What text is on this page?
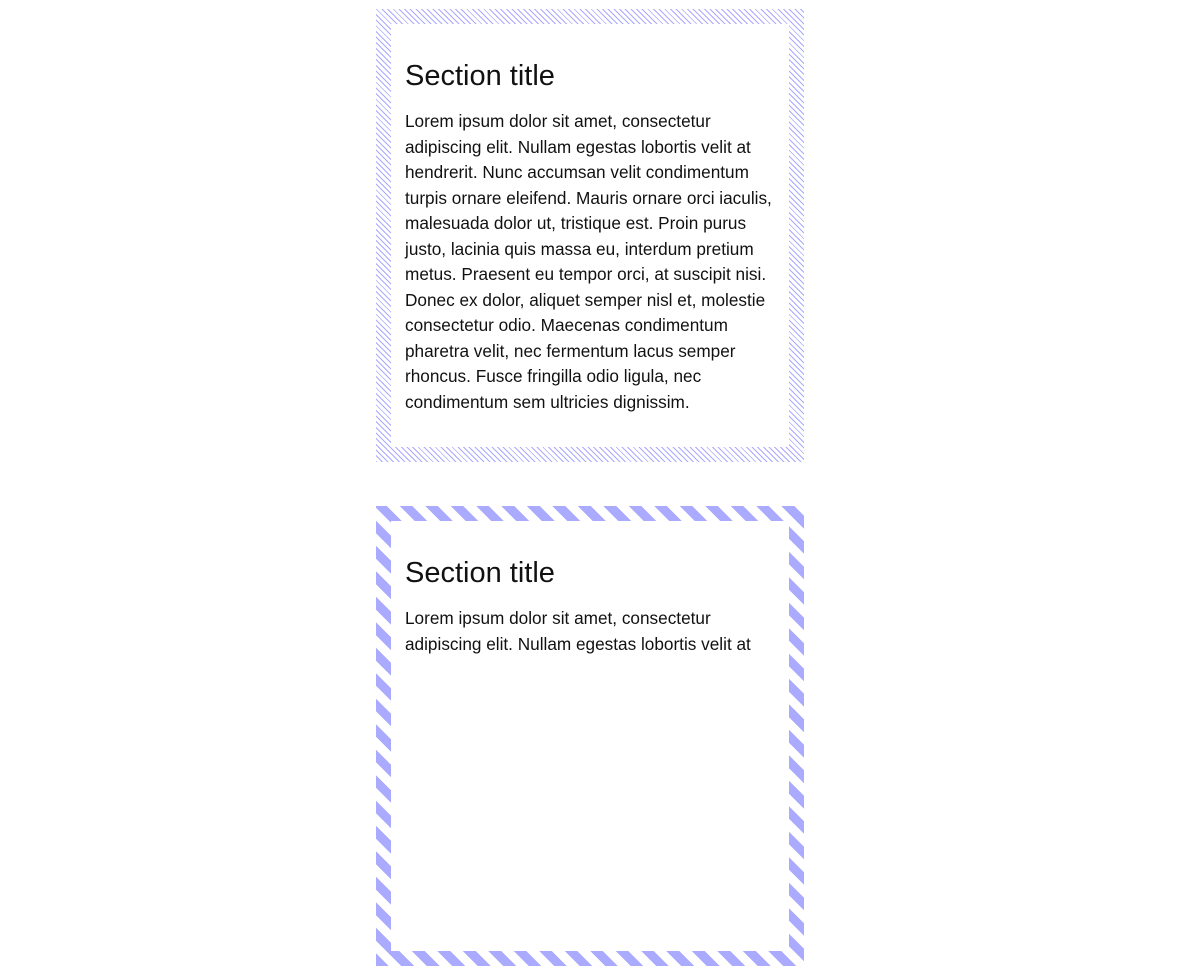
Section title

Lorem ipsum dolor sit amet, consectetur adipiscing elit. Nullam egestas lobortis velit at hendrerit. Nunc accumsan velit condimentum turpis ornare eleifend. Mauris ornare orci iaculis, malesuada dolor ut, tristique est. Proin purus justo, lacinia quis massa eu, interdum pretium metus. Praesent eu tempor orci, at suscipit nisi. Donec ex dolor, aliquet semper nisl et, molestie consectetur odio. Maecenas condimentum pharetra velit, nec fermentum lacus semper rhoncus. Fusce fringilla odio ligula, nec condimentum sem ultricies dignissim.

Section title

Lorem ipsum dolor sit amet, consectetur adipiscing elit. Nullam egestas lobortis velit at
